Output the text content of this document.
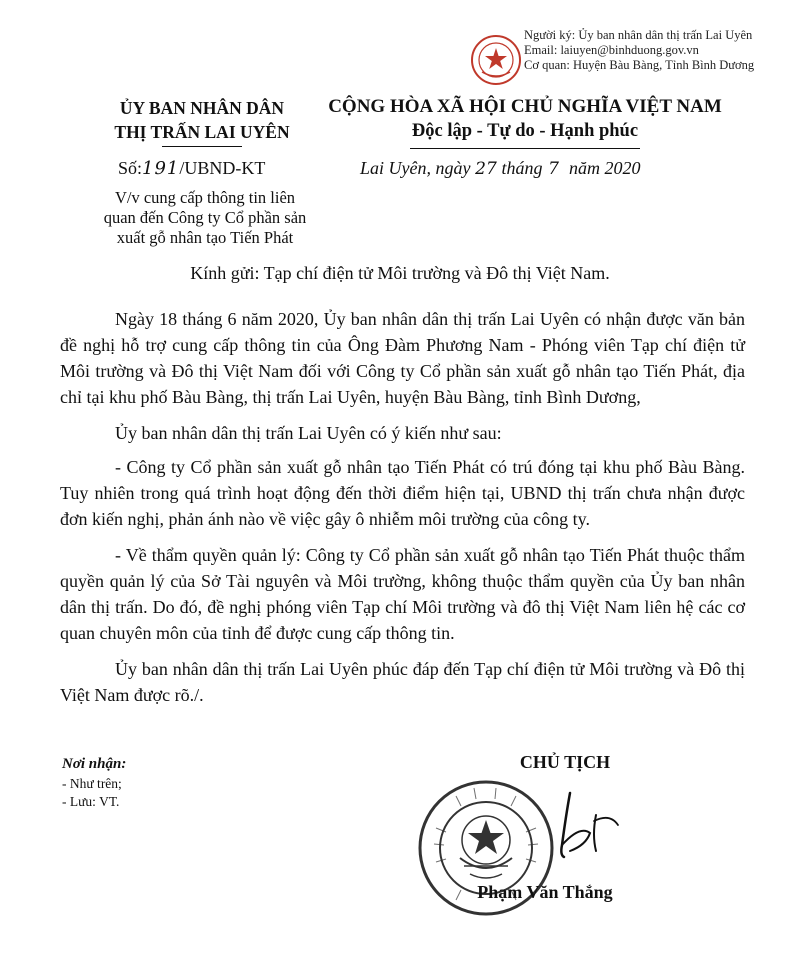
Người ký: Ủy ban nhân dân thị trấn Lai Uyên
Email: laiuyen@binhduong.gov.vn
Cơ quan: Huyện Bàu Bàng, Tỉnh Bình Dương
ỦY BAN NHÂN DÂN
THỊ TRẤN LAI UYÊN
CỘNG HÒA XÃ HỘI CHỦ NGHĨA VIỆT NAM
Độc lập - Tự do - Hạnh phúc
Số:191/UBND-KT	Lai Uyên, ngày 27 tháng 7 năm 2020
V/v cung cấp thông tin liên
quan đến Công ty Cổ phần sản
xuất gỗ nhân tạo Tiến Phát
Kính gửi: Tạp chí điện tử Môi trường và Đô thị Việt Nam.

Ngày 18 tháng 6 năm 2020, Ủy ban nhân dân thị trấn Lai Uyên có nhận được văn bản đề nghị hỗ trợ cung cấp thông tin của Ông Đàm Phương Nam - Phóng viên Tạp chí điện tử Môi trường và Đô thị Việt Nam đối với Công ty Cổ phần sản xuất gỗ nhân tạo Tiến Phát, địa chỉ tại khu phố Bàu Bàng, thị trấn Lai Uyên, huyện Bàu Bàng, tỉnh Bình Dương,

Ủy ban nhân dân thị trấn Lai Uyên có ý kiến như sau:

- Công ty Cổ phần sản xuất gỗ nhân tạo Tiến Phát có trú đóng tại khu phố Bàu Bàng. Tuy nhiên trong quá trình hoạt động đến thời điểm hiện tại, UBND thị trấn chưa nhận được đơn kiến nghị, phản ánh nào về việc gây ô nhiễm môi trường của công ty.

- Về thẩm quyền quản lý: Công ty Cổ phần sản xuất gỗ nhân tạo Tiến Phát thuộc thẩm quyền quản lý của Sở Tài nguyên và Môi trường, không thuộc thẩm quyền của Ủy ban nhân dân thị trấn. Do đó, đề nghị phóng viên Tạp chí Môi trường và đô thị Việt Nam liên hệ các cơ quan chuyên môn của tỉnh để được cung cấp thông tin.

Ủy ban nhân dân thị trấn Lai Uyên phúc đáp đến Tạp chí điện tử Môi trường và Đô thị Việt Nam được rõ./.

Nơi nhận:
- Như trên;
- Lưu: VT.
CHỦ TỊCH
Phạm Văn Thắng
